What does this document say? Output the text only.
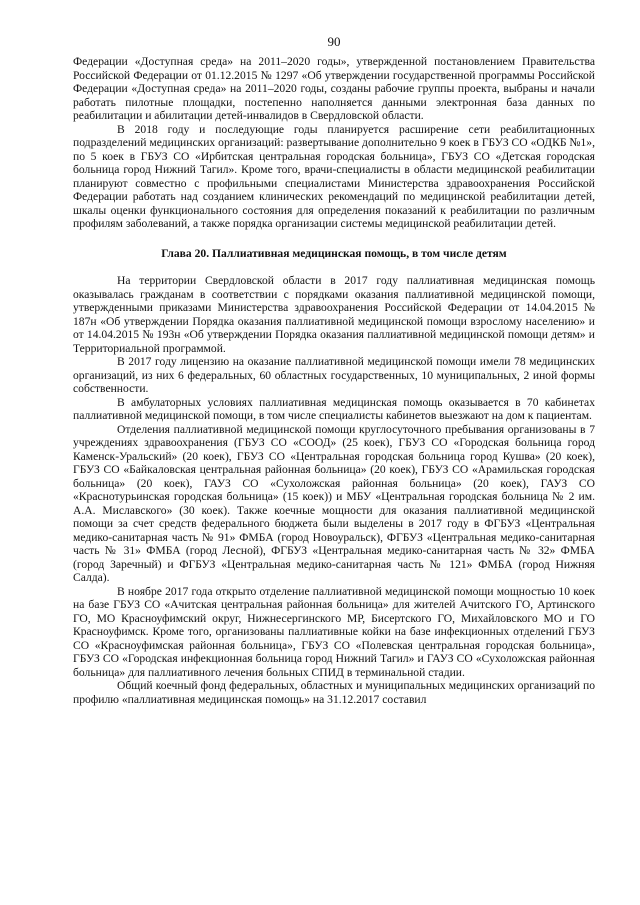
90

Федерации «Доступная среда» на 2011–2020 годы», утвержденной постановлением Правительства Российской Федерации от 01.12.2015 № 1297 «Об утверждении государственной программы Российской Федерации «Доступная среда» на 2011–2020 годы, созданы рабочие группы проекта, выбраны и начали работать пилотные площадки, постепенно наполняется данными электронная база данных по реабилитации и абилитации детей-инвалидов в Свердловской области.

В 2018 году и последующие годы планируется расширение сети реабилитационных подразделений медицинских организаций: развертывание дополнительно 9 коек в ГБУЗ СО «ОДКБ №1», по 5 коек в ГБУЗ СО «Ирбитская центральная городская больница», ГБУЗ СО «Детская городская больница город Нижний Тагил». Кроме того, врачи-специалисты в области медицинской реабилитации планируют совместно с профильными специалистами Министерства здравоохранения Российской Федерации работать над созданием клинических рекомендаций по медицинской реабилитации детей, шкалы оценки функционального состояния для определения показаний к реабилитации по различным профилям заболеваний, а также порядка организации системы медицинской реабилитации детей.

Глава 20. Паллиативная медицинская помощь, в том числе детям

На территории Свердловской области в 2017 году паллиативная медицинская помощь оказывалась гражданам в соответствии с порядками оказания паллиативной медицинской помощи, утвержденными приказами Министерства здравоохранения Российской Федерации от 14.04.2015 № 187н «Об утверждении Порядка оказания паллиативной медицинской помощи взрослому населению» и от 14.04.2015 № 193н «Об утверждении Порядка оказания паллиативной медицинской помощи детям» и Территориальной программой.

В 2017 году лицензию на оказание паллиативной медицинской помощи имели 78 медицинских организаций, из них 6 федеральных, 60 областных государственных, 10 муниципальных, 2 иной формы собственности.

В амбулаторных условиях паллиативная медицинская помощь оказывается в 70 кабинетах паллиативной медицинской помощи, в том числе специалисты кабинетов выезжают на дом к пациентам.

Отделения паллиативной медицинской помощи круглосуточного пребывания организованы в 7 учреждениях здравоохранения (ГБУЗ СО «СООД» (25 коек), ГБУЗ СО «Городская больница город Каменск-Уральский» (20 коек), ГБУЗ СО «Центральная городская больница город Кушва» (20 коек), ГБУЗ СО «Байкаловская центральная районная больница» (20 коек), ГБУЗ СО «Арамильская городская больница» (20 коек), ГАУЗ СО «Сухоложская районная больница» (20 коек), ГАУЗ СО «Краснотурьинская городская больница» (15 коек)) и МБУ «Центральная городская больница № 2 им. А.А. Миславского» (30 коек). Также коечные мощности для оказания паллиативной медицинской помощи за счет средств федерального бюджета были выделены в 2017 году в ФГБУЗ «Центральная медико-санитарная часть № 91» ФМБА (город Новоуральск), ФГБУЗ «Центральная медико-санитарная часть № 31» ФМБА (город Лесной), ФГБУЗ «Центральная медико-санитарная часть № 32» ФМБА (город Заречный) и ФГБУЗ «Центральная медико-санитарная часть № 121» ФМБА (город Нижняя Салда).

В ноябре 2017 года открыто отделение паллиативной медицинской помощи мощностью 10 коек на базе ГБУЗ СО «Ачитская центральная районная больница» для жителей Ачитского ГО, Артинского ГО, МО Красноуфимский округ, Нижнесергинского МР, Бисертского ГО, Михайловского МО и ГО Красноуфимск. Кроме того, организованы паллиативные койки на базе инфекционных отделений ГБУЗ СО «Красноуфимская районная больница», ГБУЗ СО «Полевская центральная городская больница», ГБУЗ СО «Городская инфекционная больница город Нижний Тагил» и ГАУЗ СО «Сухоложская районная больница» для паллиативного лечения больных СПИД в терминальной стадии.

Общий коечный фонд федеральных, областных и муниципальных медицинских организаций по профилю «паллиативная медицинская помощь» на 31.12.2017 составил
